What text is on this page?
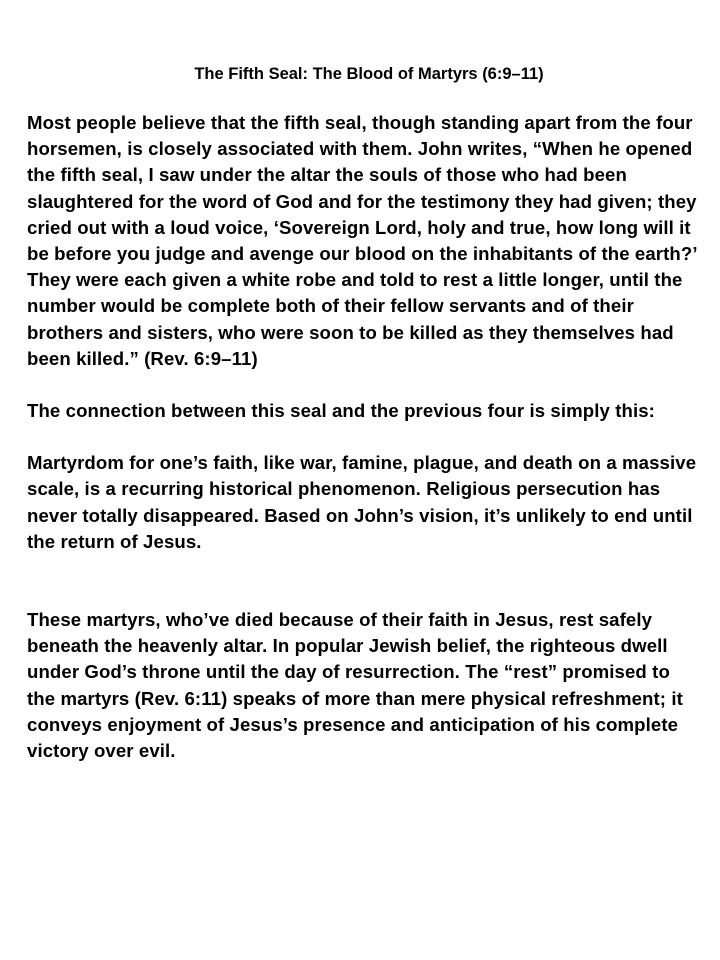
The Fifth Seal: The Blood of Martyrs (6:9–11)

Most people believe that the fifth seal, though standing apart from the four horsemen, is closely associated with them. John writes, “When he opened the fifth seal, I saw under the altar the souls of those who had been slaughtered for the word of God and for the testimony they had given; they cried out with a loud voice, ‘Sovereign Lord, holy and true, how long will it be before you judge and avenge our blood on the inhabitants of the earth?’ They were each given a white robe and told to rest a little longer, until the number would be complete both of their fellow servants and of their brothers and sisters, who were soon to be killed as they themselves had been killed.” (Rev. 6:9–11)

The connection between this seal and the previous four is simply this:

Martyrdom for one’s faith, like war, famine, plague, and death on a massive scale, is a recurring historical phenomenon. Religious persecution has never totally disappeared. Based on John’s vision, it’s unlikely to end until the return of Jesus.

These martyrs, who’ve died because of their faith in Jesus, rest safely beneath the heavenly altar. In popular Jewish belief, the righteous dwell under God’s throne until the day of resurrection. The “rest” promised to the martyrs (Rev. 6:11) speaks of more than mere physical refreshment; it conveys enjoyment of Jesus’s presence and anticipation of his complete victory over evil.
